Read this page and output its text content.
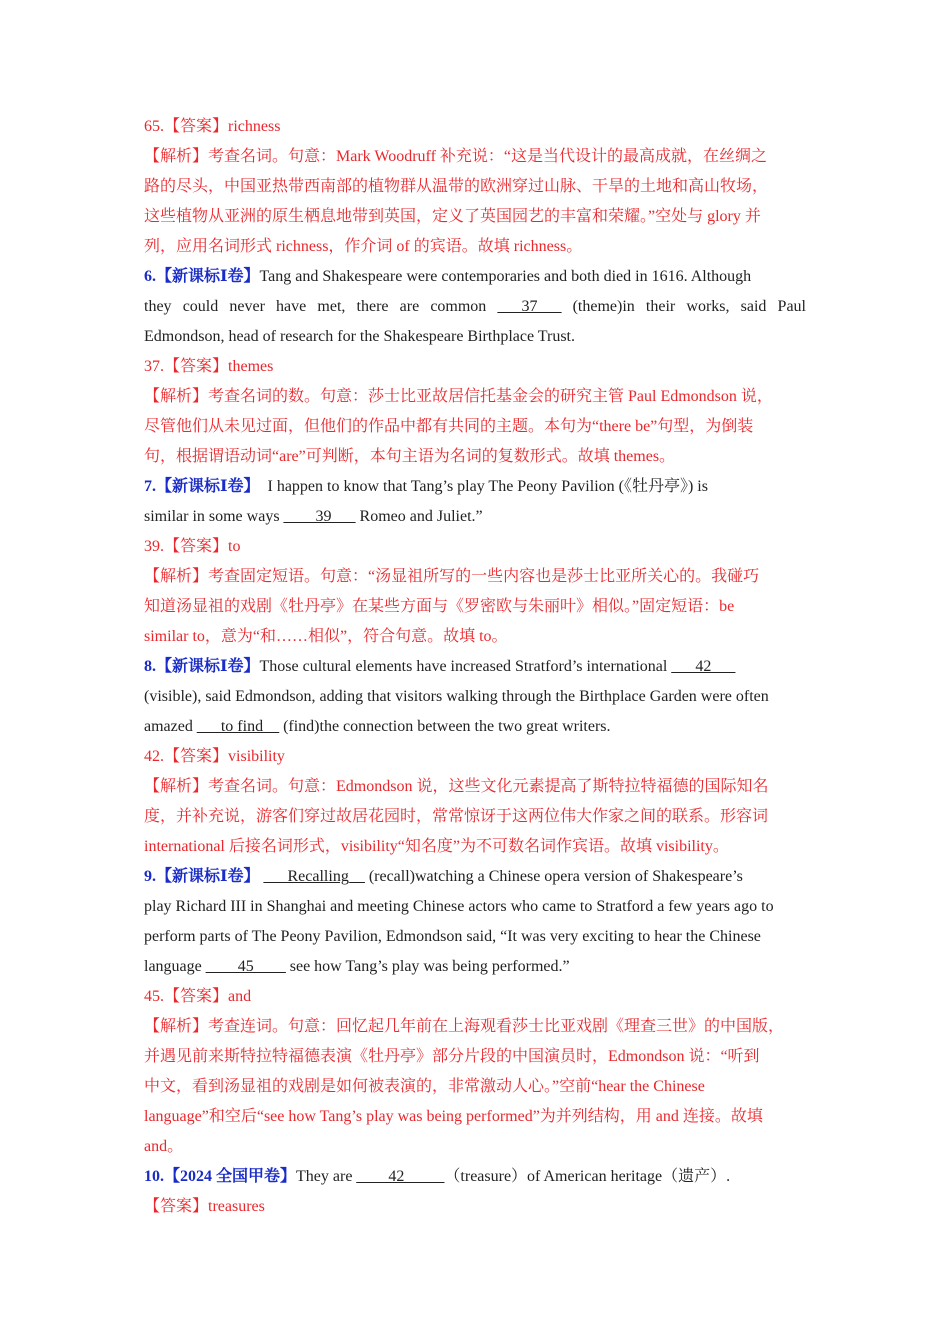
65.【答案】richness
【解析】考查名词。句意：Mark Woodruff 补充说：“这是当代设计的最高成就，在丝绸之
路的尽头，中国亚热带西南部的植物群从温带的欧洲穿过山脉、干旱的土地和高山牧场，
这些植物从亚洲的原生栖息地带到英国，定义了英国园艺的丰富和荣耀。”空处与 glory 并
列，应用名词形式 richness，作介词 of 的宾语。故填 richness。
6.【新课标Ⅰ卷】Tang and Shakespeare were contemporaries and both died in 1616. Although
they could never have met, there are common ___37___ (theme)in their works, said Paul
Edmondson, head of research for the Shakespeare Birthplace Trust.
37.【答案】themes
【解析】考查名词的数。句意：莎士比亚故居信托基金会的研究主管 Paul Edmondson 说，
尽管他们从未见过面，但他们的作品中都有共同的主题。本句为“there be”句型，为倒装
句，根据谓语动词“are”可判断，本句主语为名词的复数形式。故填 themes。
7.【新课标Ⅰ卷】 I happen to know that Tang’s play The Peony Pavilion (《牡丹亭》) is
similar in some ways ____39___ Romeo and Juliet.”
39.【答案】to
【解析】考查固定短语。句意：“汤显祖所写的一些内容也是莎士比亚所关心的。我碰巧
知道汤显祖的戏剧《牡丹亭》在某些方面与《罗密欧与朱丽叶》相似。”固定短语：be
similar to，意为“和……相似”，符合句意。故填 to。
8.【新课标Ⅰ卷】Those cultural elements have increased Stratford’s international ___42___
(visible), said Edmondson, adding that visitors walking through the Birthplace Garden were often
amazed ___to find__ (find)the connection between the two great writers.
42.【答案】visibility
【解析】考查名词。句意：Edmondson 说，这些文化元素提高了斯特拉特福德的国际知名
度，并补充说，游客们穿过故居花园时，常常惊讶于这两位伟大作家之间的联系。形容词
international 后接名词形式，visibility“知名度”为不可数名词作宾语。故填 visibility。
9.【新课标Ⅰ卷】 ___Recalling__ (recall)watching a Chinese opera version of Shakespeare’s
play Richard III in Shanghai and meeting Chinese actors who came to Stratford a few years ago to
perform parts of The Peony Pavilion, Edmondson said, “It was very exciting to hear the Chinese
language ____45____ see how Tang’s play was being performed.”
45.【答案】and
【解析】考查连词。句意：回忆起几年前在上海观看莎士比亚戏剧《理查三世》的中国版，
并遇见前来斯特拉特福德表演《牡丹亭》部分片段的中国演员时，Edmondson 说：“听到
中文，看到汤显祖的戏剧是如何被表演的，非常激动人心。”空前“hear the Chinese
language”和空后“see how Tang’s play was being performed”为并列结构，用 and 连接。故填
and。
10.【2024 全国甲卷】They are ____42_____（treasure）of American heritage（遗产）.
【答案】treasures
